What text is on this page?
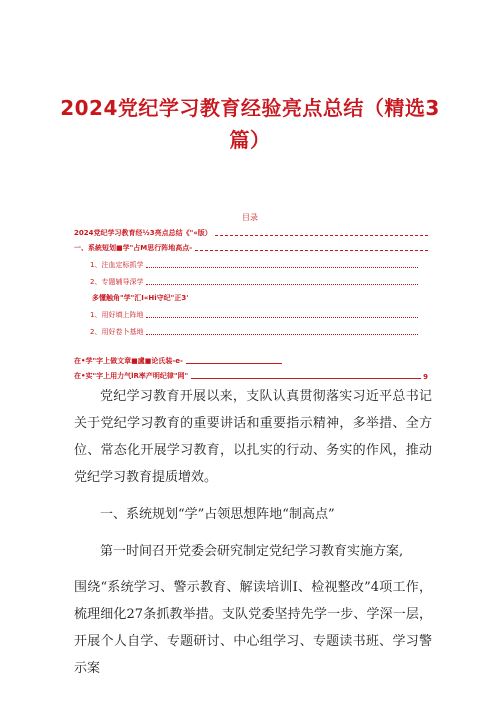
2024党纪学习教育经验亮点总结（精选3
篇）
目录
2024党纪学习教育经½3亮点总结《"«版）
一、系統短划■学"占M思行阵地高点-
1、注血定标抓学
2、专题辅导深学
多懂触角"学"汇I«Hi守纪"正3'
1、用好填上阵地
2、用好卷卜基地
在•学"字上做文章■盧■论氏装-e-
在•实"字上用力气lR率产明纪律"网"	9

党纪学习教育开展以来，支队认真贯彻落实习近平总书记关于党纪学习教育的重要讲话和重要指示精神，多举措、全方位、常态化开展学习教育，以扎实的行动、务实的作风，推动党纪学习教育提质增效。

一、系统规划“学”占领思想阵地“制高点”

第一时间召开党委会研究制定党纪学习教育实施方案,

围绕“系统学习、警示教育、解读培训Ⅰ、检视整改”4项工作，梳理细化27条抓教举措。支队党委坚持先学一步、学深一层，开展个人自学、专题研讨、中心组学习、专题读书班、学习警示案
